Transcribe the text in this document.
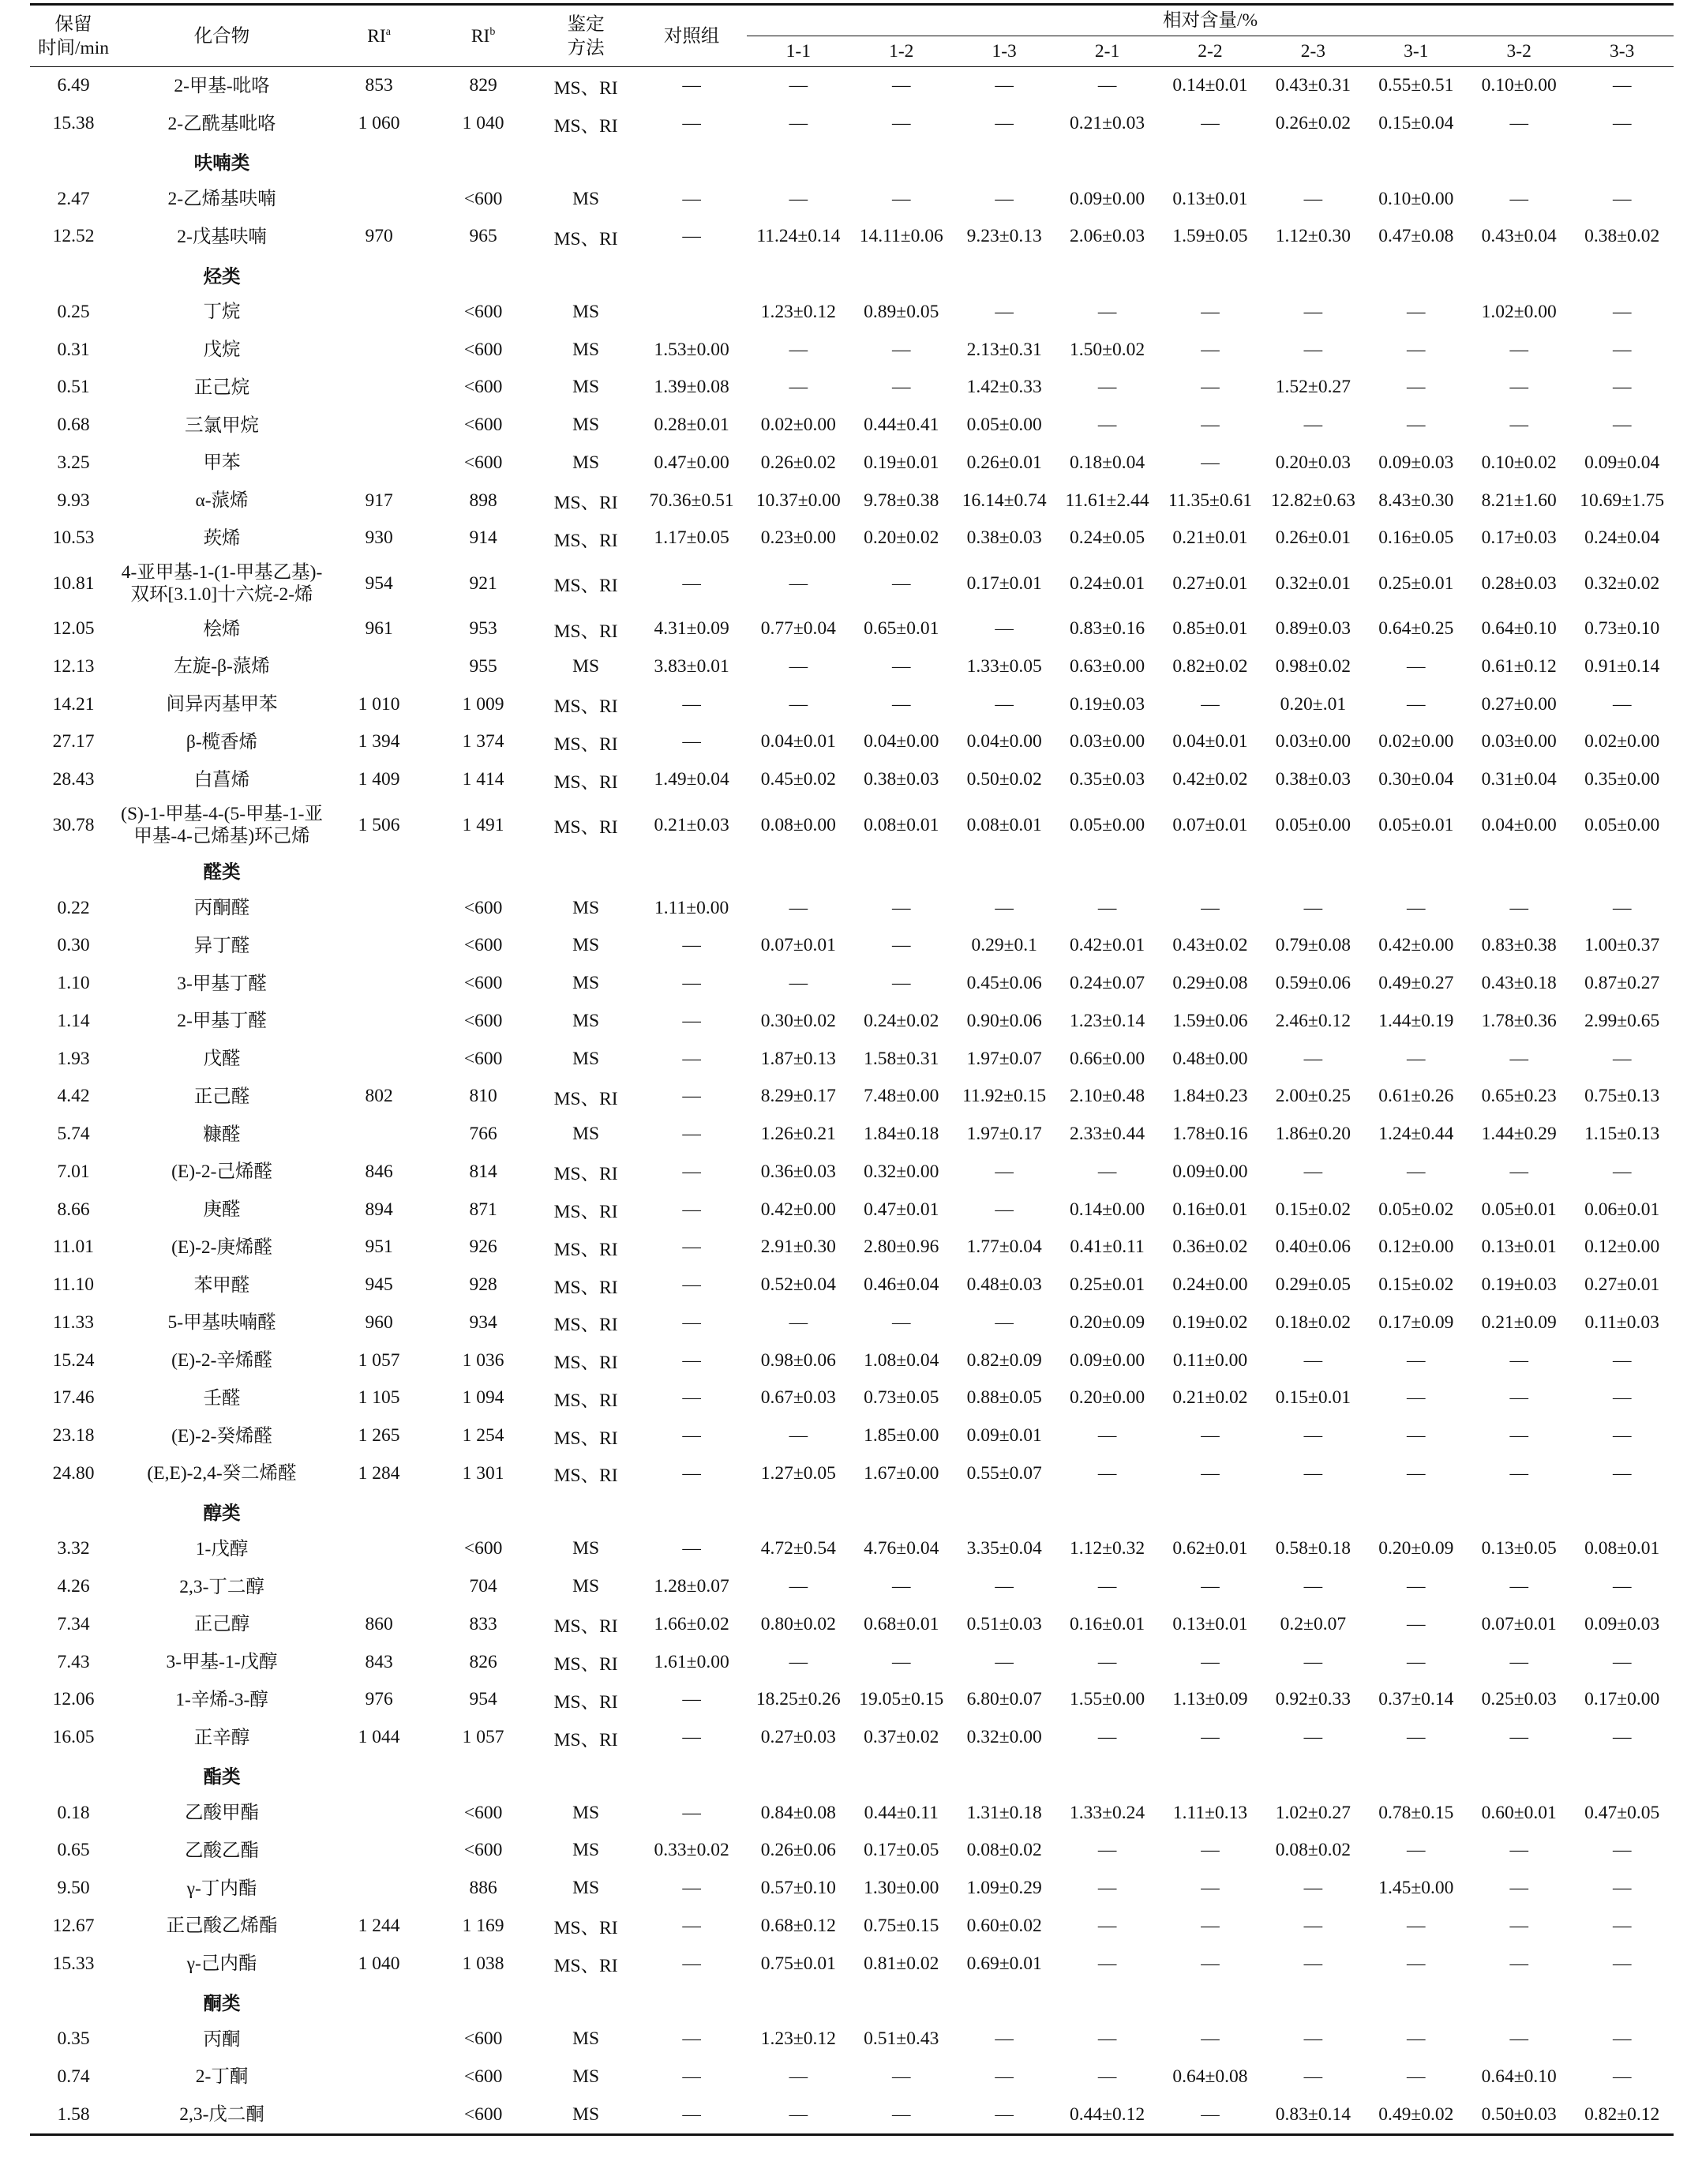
保留
时间/min	化合物	$RI^a$	$RI^b$	鉴定
方法	对照组	相对含量/%								
						1-1	1-2	1-3	2-1	2-2	2-3	3-1	3-2	3-3
6.49	2-甲基-吡咯	853	829	MS、RI	—	—	—	—	—	0.14±0.01	0.43±0.31	0.55±0.51	0.10±0.00	—
15.38	2-乙酰基吡咯	1 060	1 040	MS、RI	—	—	—	—	0.21±0.03	—	0.26±0.02	0.15±0.04	—	—
	呋喃类													
2.47	2-乙烯基呋喃		<600	MS	—	—	—	—	0.09±0.00	0.13±0.01	—	0.10±0.00	—	—
12.52	2-戊基呋喃	970	965	MS、RI	—	11.24±0.14	14.11±0.06	9.23±0.13	2.06±0.03	1.59±0.05	1.12±0.30	0.47±0.08	0.43±0.04	0.38±0.02
	烃类													
0.25	丁烷		<600	MS		1.23±0.12	0.89±0.05	—	—	—	—	—	1.02±0.00	—
0.31	戊烷		<600	MS	1.53±0.00	—	—	2.13±0.31	1.50±0.02	—	—	—	—	—
0.51	正己烷		<600	MS	1.39±0.08	—	—	1.42±0.33	—	—	1.52±0.27	—	—	—
0.68	三氯甲烷		<600	MS	0.28±0.01	0.02±0.00	0.44±0.41	0.05±0.00	—	—	—	—	—	—
3.25	甲苯		<600	MS	0.47±0.00	0.26±0.02	0.19±0.01	0.26±0.01	0.18±0.04	—	0.20±0.03	0.09±0.03	0.10±0.02	0.09±0.04
9.93	α-蒎烯	917	898	MS、RI	70.36±0.51	10.37±0.00	9.78±0.38	16.14±0.74	11.61±2.44	11.35±0.61	12.82±0.63	8.43±0.30	8.21±1.60	10.69±1.75
10.53	莰烯	930	914	MS、RI	1.17±0.05	0.23±0.00	0.20±0.02	0.38±0.03	0.24±0.05	0.21±0.01	0.26±0.01	0.16±0.05	0.17±0.03	0.24±0.04
10.81	4-亚甲基-1-(1-甲基乙基)-双环[3.1.0]十六烷-2-烯	954	921	MS、RI	—	—	—	0.17±0.01	0.24±0.01	0.27±0.01	0.32±0.01	0.25±0.01	0.28±0.03	0.32±0.02
12.05	桧烯	961	953	MS、RI	4.31±0.09	0.77±0.04	0.65±0.01	—	0.83±0.16	0.85±0.01	0.89±0.03	0.64±0.25	0.64±0.10	0.73±0.10
12.13	左旋-β-蒎烯		955	MS	3.83±0.01	—	—	1.33±0.05	0.63±0.00	0.82±0.02	0.98±0.02	—	0.61±0.12	0.91±0.14
14.21	间异丙基甲苯	1 010	1 009	MS、RI	—	—	—	—	0.19±0.03	—	0.20±.01	—	0.27±0.00	—
27.17	β-榄香烯	1 394	1 374	MS、RI	—	0.04±0.01	0.04±0.00	0.04±0.00	0.03±0.00	0.04±0.01	0.03±0.00	0.02±0.00	0.03±0.00	0.02±0.00
28.43	白菖烯	1 409	1 414	MS、RI	1.49±0.04	0.45±0.02	0.38±0.03	0.50±0.02	0.35±0.03	0.42±0.02	0.38±0.03	0.30±0.04	0.31±0.04	0.35±0.00
30.78	(S)-1-甲基-4-(5-甲基-1-亚甲基-4-己烯基)环己烯	1 506	1 491	MS、RI	0.21±0.03	0.08±0.00	0.08±0.01	0.08±0.01	0.05±0.00	0.07±0.01	0.05±0.00	0.05±0.01	0.04±0.00	0.05±0.00
	醛类													
0.22	丙酮醛		<600	MS	1.11±0.00	—	—	—	—	—	—	—	—	—
0.30	异丁醛		<600	MS	—	0.07±0.01	—	0.29±0.1	0.42±0.01	0.43±0.02	0.79±0.08	0.42±0.00	0.83±0.38	1.00±0.37
1.10	3-甲基丁醛		<600	MS	—	—	—	0.45±0.06	0.24±0.07	0.29±0.08	0.59±0.06	0.49±0.27	0.43±0.18	0.87±0.27
1.14	2-甲基丁醛		<600	MS	—	0.30±0.02	0.24±0.02	0.90±0.06	1.23±0.14	1.59±0.06	2.46±0.12	1.44±0.19	1.78±0.36	2.99±0.65
1.93	戊醛		<600	MS	—	1.87±0.13	1.58±0.31	1.97±0.07	0.66±0.00	0.48±0.00	—	—	—	—
4.42	正己醛	802	810	MS、RI	—	8.29±0.17	7.48±0.00	11.92±0.15	2.10±0.48	1.84±0.23	2.00±0.25	0.61±0.26	0.65±0.23	0.75±0.13
5.74	糠醛		766	MS	—	1.26±0.21	1.84±0.18	1.97±0.17	2.33±0.44	1.78±0.16	1.86±0.20	1.24±0.44	1.44±0.29	1.15±0.13
7.01	(E)-2-己烯醛	846	814	MS、RI	—	0.36±0.03	0.32±0.00	—	—	0.09±0.00	—	—	—	—
8.66	庚醛	894	871	MS、RI	—	0.42±0.00	0.47±0.01	—	0.14±0.00	0.16±0.01	0.15±0.02	0.05±0.02	0.05±0.01	0.06±0.01
11.01	(E)-2-庚烯醛	951	926	MS、RI	—	2.91±0.30	2.80±0.96	1.77±0.04	0.41±0.11	0.36±0.02	0.40±0.06	0.12±0.00	0.13±0.01	0.12±0.00
11.10	苯甲醛	945	928	MS、RI	—	0.52±0.04	0.46±0.04	0.48±0.03	0.25±0.01	0.24±0.00	0.29±0.05	0.15±0.02	0.19±0.03	0.27±0.01
11.33	5-甲基呋喃醛	960	934	MS、RI	—	—	—	—	0.20±0.09	0.19±0.02	0.18±0.02	0.17±0.09	0.21±0.09	0.11±0.03
15.24	(E)-2-辛烯醛	1 057	1 036	MS、RI	—	0.98±0.06	1.08±0.04	0.82±0.09	0.09±0.00	0.11±0.00	—	—	—	—
17.46	壬醛	1 105	1 094	MS、RI	—	0.67±0.03	0.73±0.05	0.88±0.05	0.20±0.00	0.21±0.02	0.15±0.01	—	—	—
23.18	(E)-2-癸烯醛	1 265	1 254	MS、RI	—	—	1.85±0.00	0.09±0.01	—	—	—	—	—	—
24.80	(E,E)-2,4-癸二烯醛	1 284	1 301	MS、RI	—	1.27±0.05	1.67±0.00	0.55±0.07	—	—	—	—	—	—
	醇类													
3.32	1-戊醇		<600	MS	—	4.72±0.54	4.76±0.04	3.35±0.04	1.12±0.32	0.62±0.01	0.58±0.18	0.20±0.09	0.13±0.05	0.08±0.01
4.26	2,3-丁二醇		704	MS	1.28±0.07	—	—	—	—	—	—	—	—	—
7.34	正己醇	860	833	MS、RI	1.66±0.02	0.80±0.02	0.68±0.01	0.51±0.03	0.16±0.01	0.13±0.01	0.2±0.07	—	0.07±0.01	0.09±0.03
7.43	3-甲基-1-戊醇	843	826	MS、RI	1.61±0.00	—	—	—	—	—	—	—	—	—
12.06	1-辛烯-3-醇	976	954	MS、RI	—	18.25±0.26	19.05±0.15	6.80±0.07	1.55±0.00	1.13±0.09	0.92±0.33	0.37±0.14	0.25±0.03	0.17±0.00
16.05	正辛醇	1 044	1 057	MS、RI	—	0.27±0.03	0.37±0.02	0.32±0.00	—	—	—	—	—	—
	酯类													
0.18	乙酸甲酯		<600	MS	—	0.84±0.08	0.44±0.11	1.31±0.18	1.33±0.24	1.11±0.13	1.02±0.27	0.78±0.15	0.60±0.01	0.47±0.05
0.65	乙酸乙酯		<600	MS	0.33±0.02	0.26±0.06	0.17±0.05	0.08±0.02	—	—	0.08±0.02	—	—	—
9.50	γ-丁内酯		886	MS	—	0.57±0.10	1.30±0.00	1.09±0.29	—	—	—	1.45±0.00	—	—
12.67	正己酸乙烯酯	1 244	1 169	MS、RI	—	0.68±0.12	0.75±0.15	0.60±0.02	—	—	—	—	—	—
15.33	γ-己内酯	1 040	1 038	MS、RI	—	0.75±0.01	0.81±0.02	0.69±0.01	—	—	—	—	—	—
	酮类													
0.35	丙酮		<600	MS	—	1.23±0.12	0.51±0.43	—	—	—	—	—	—	—
0.74	2-丁酮		<600	MS	—	—	—	—	—	0.64±0.08	—	—	0.64±0.10	—
1.58	2,3-戊二酮		<600	MS	—	—	—	—	0.44±0.12	—	0.83±0.14	0.49±0.02	0.50±0.03	0.82±0.12
